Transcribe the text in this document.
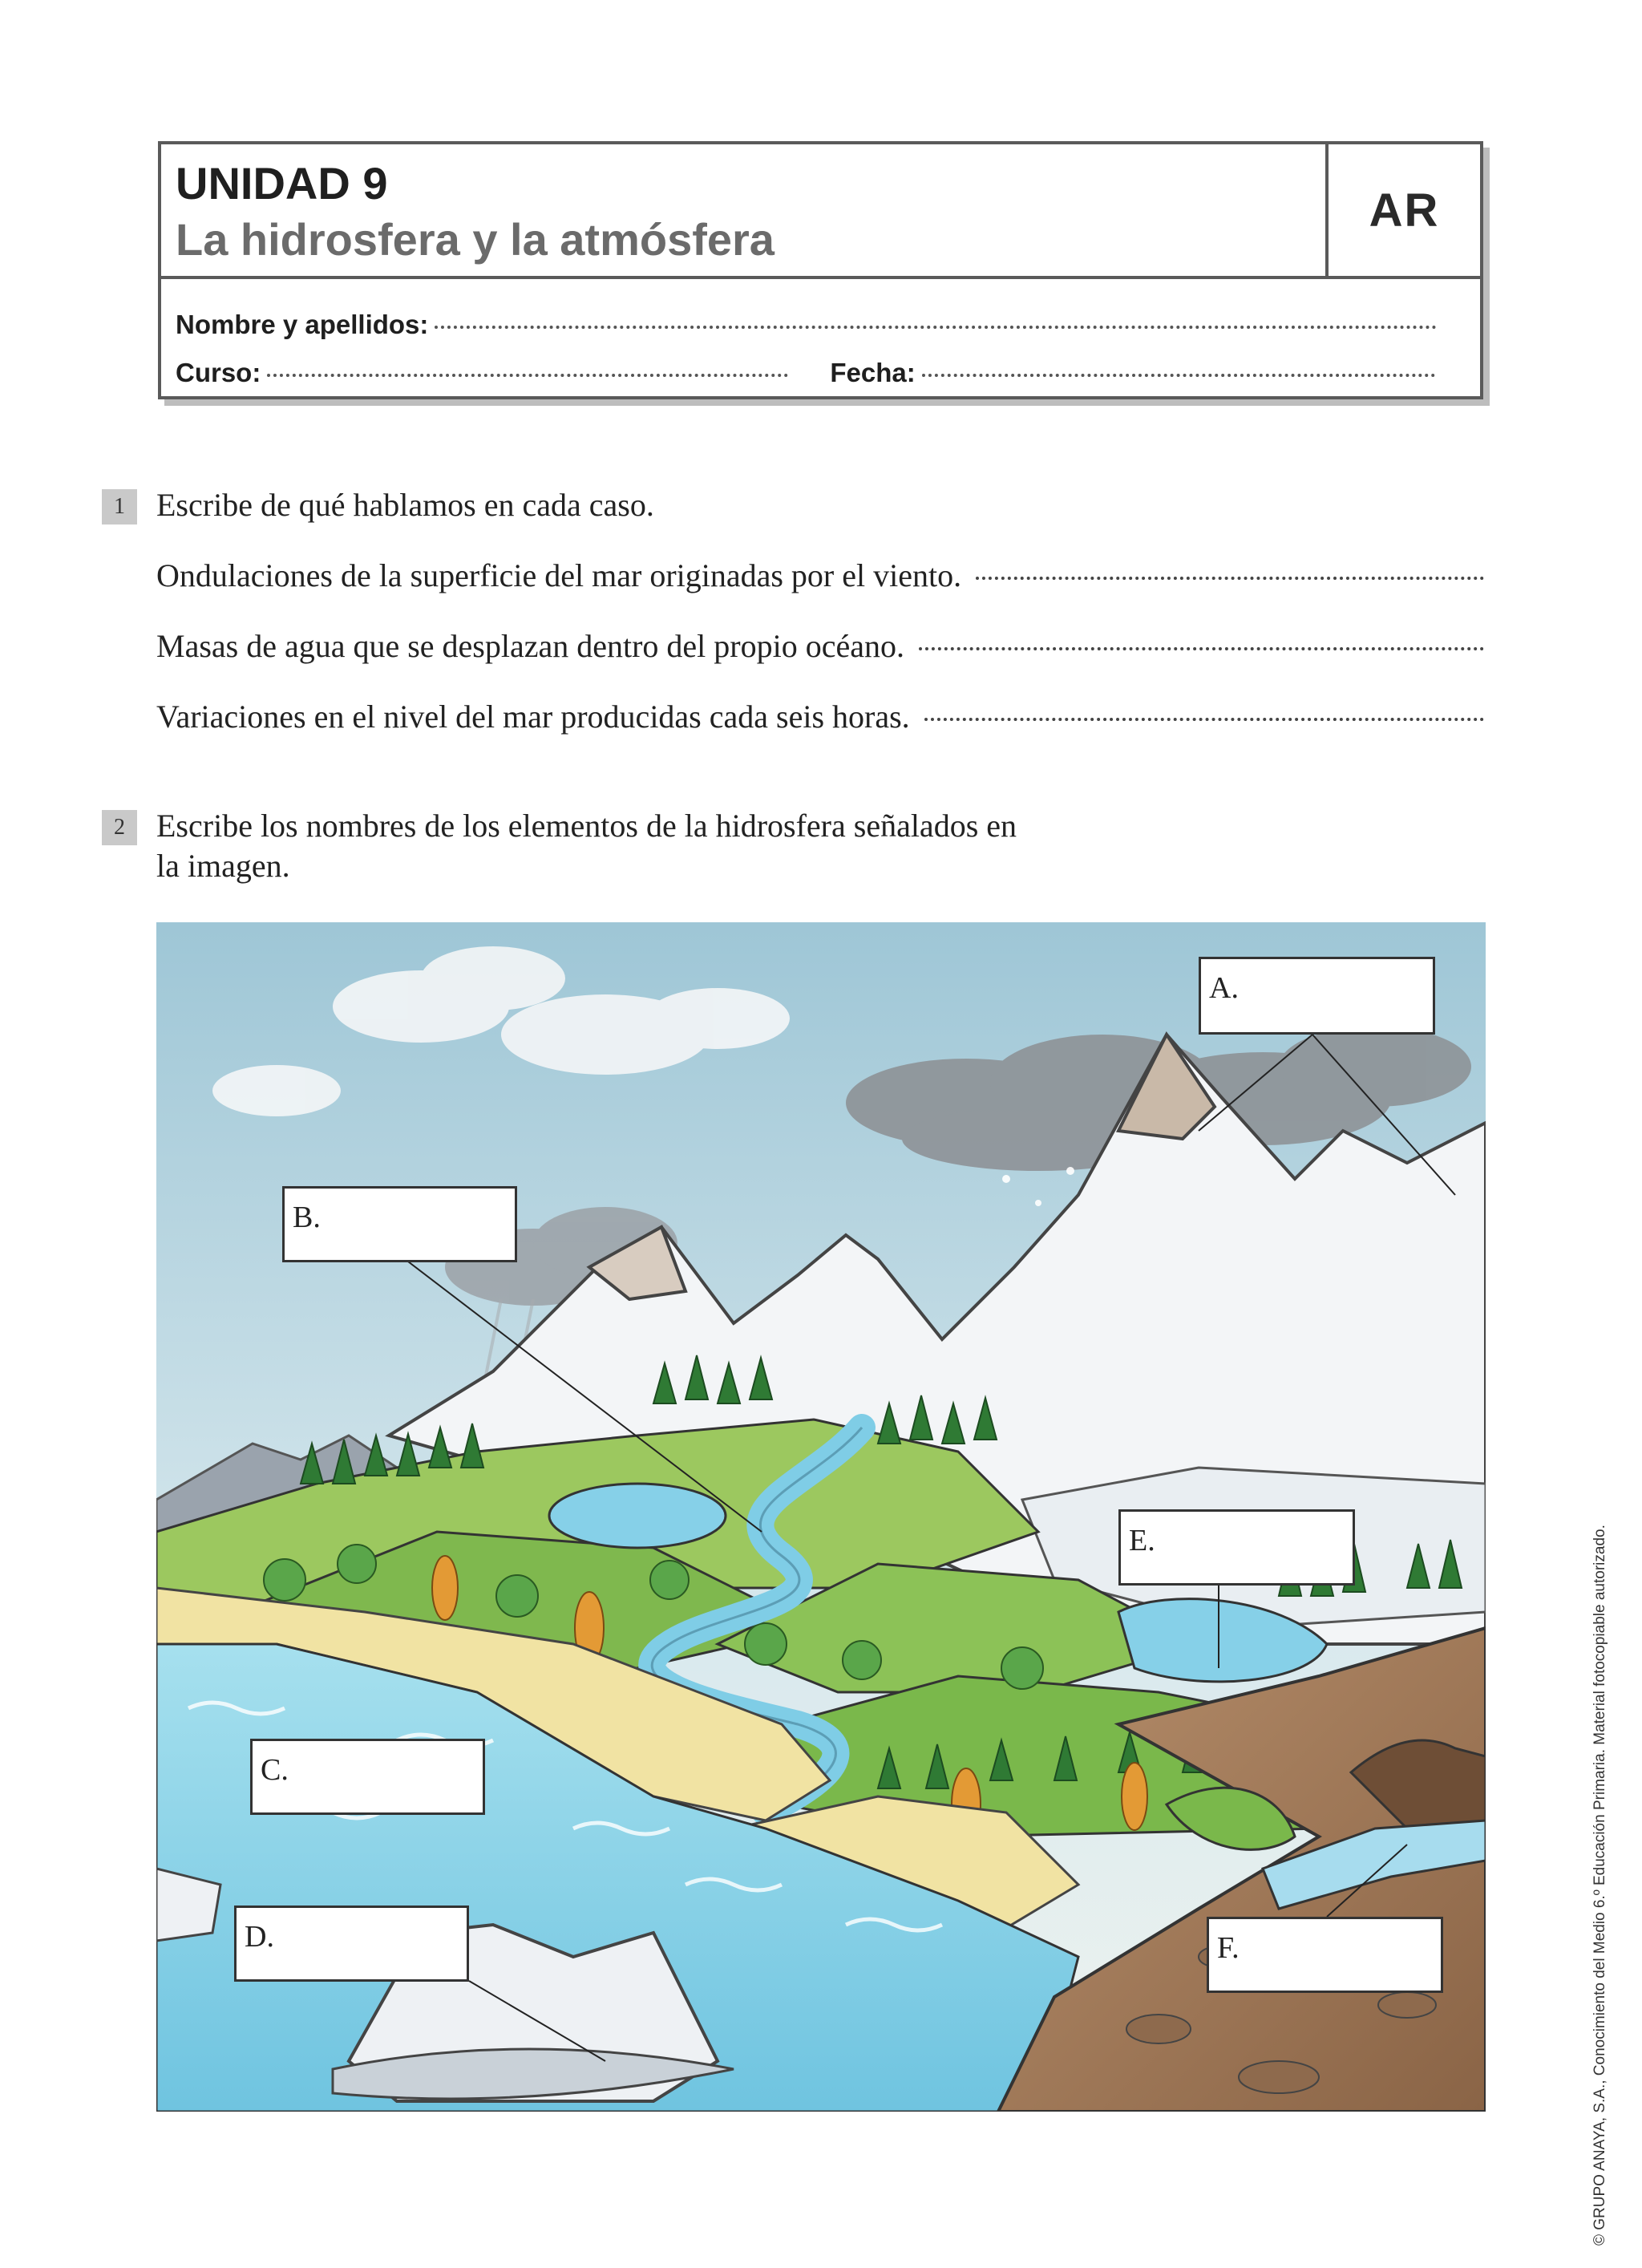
UNIDAD 9
La hidrosfera y la atmósfera
AR
Nombre y apellidos:
Curso:	Fecha:
1 Escribe de qué hablamos en cada caso.
Ondulaciones de la superficie del mar originadas por el viento.
Masas de agua que se desplazan dentro del propio océano.
Variaciones en el nivel del mar producidas cada seis horas.
2 Escribe los nombres de los elementos de la hidrosfera señalados en
la imagen.
A.
B.
E.
C.
D.	F.	© GRUPO ANAYA, S.A., Conocimiento del Medio 6.º Educación Primaria. Material fotocopiable autorizado.
